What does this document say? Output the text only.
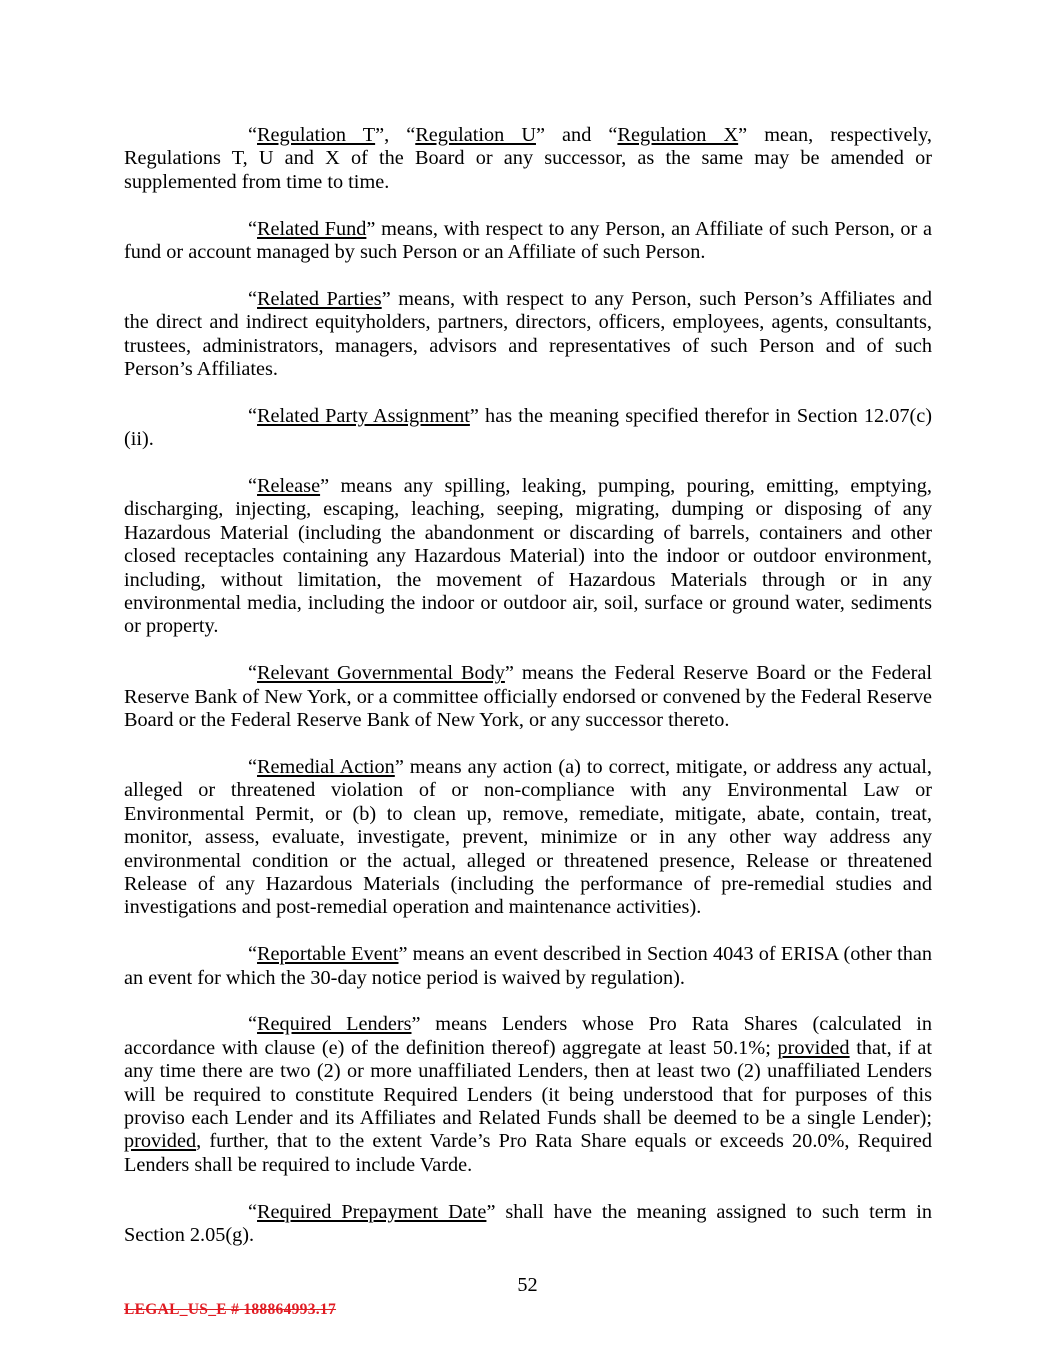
“Regulation T”, “Regulation U” and “Regulation X” mean, respectively, Regulations T, U and X of the Board or any successor, as the same may be amended or supplemented from time to time.

“Related Fund” means, with respect to any Person, an Affiliate of such Person, or a fund or account managed by such Person or an Affiliate of such Person.

“Related Parties” means, with respect to any Person, such Person’s Affiliates and the direct and indirect equityholders, partners, directors, officers, employees, agents, consultants, trustees, administrators, managers, advisors and representatives of such Person and of such Person’s Affiliates.

“Related Party Assignment” has the meaning specified therefor in Section 12.07(c)(ii).

“Release” means any spilling, leaking, pumping, pouring, emitting, emptying, discharging, injecting, escaping, leaching, seeping, migrating, dumping or disposing of any Hazardous Material (including the abandonment or discarding of barrels, containers and other closed receptacles containing any Hazardous Material) into the indoor or outdoor environment, including, without limitation, the movement of Hazardous Materials through or in any environmental media, including the indoor or outdoor air, soil, surface or ground water, sediments or property.

“Relevant Governmental Body” means the Federal Reserve Board or the Federal Reserve Bank of New York, or a committee officially endorsed or convened by the Federal Reserve Board or the Federal Reserve Bank of New York, or any successor thereto.

“Remedial Action” means any action (a) to correct, mitigate, or address any actual, alleged or threatened violation of or non-compliance with any Environmental Law or Environmental Permit, or (b) to clean up, remove, remediate, mitigate, abate, contain, treat, monitor, assess, evaluate, investigate, prevent, minimize or in any other way address any environmental condition or the actual, alleged or threatened presence, Release or threatened Release of any Hazardous Materials (including the performance of pre-remedial studies and investigations and post-remedial operation and maintenance activities).

“Reportable Event” means an event described in Section 4043 of ERISA (other than an event for which the 30-day notice period is waived by regulation).

“Required Lenders” means Lenders whose Pro Rata Shares (calculated in accordance with clause (e) of the definition thereof) aggregate at least 50.1%; provided that, if at any time there are two (2) or more unaffiliated Lenders, then at least two (2) unaffiliated Lenders will be required to constitute Required Lenders (it being understood that for purposes of this proviso each Lender and its Affiliates and Related Funds shall be deemed to be a single Lender); provided, further, that to the extent Varde’s Pro Rata Share equals or exceeds 20.0%, Required Lenders shall be required to include Varde.

“Required Prepayment Date” shall have the meaning assigned to such term in Section 2.05(g).

52
LEGAL_US_E # 188864993.17
